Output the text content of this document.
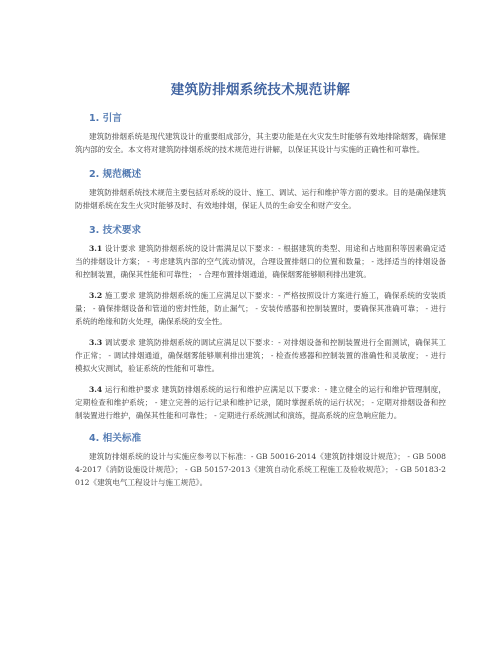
建筑防排烟系统技术规范讲解
1. 引言

建筑防排烟系统是现代建筑设计的重要组成部分，其主要功能是在火灾发生时能够有效地排除烟雾，确保建筑内部的安全。本文将对建筑防排烟系统的技术规范进行讲解，以保证其设计与实施的正确性和可靠性。

2. 规范概述

建筑防排烟系统技术规范主要包括对系统的设计、施工、调试、运行和维护等方面的要求。目的是确保建筑防排烟系统在发生火灾时能够及时、有效地排烟，保证人员的生命安全和财产安全。

3. 技术要求

3.1 设计要求 建筑防排烟系统的设计需满足以下要求：- 根据建筑的类型、用途和占地面积等因素确定适当的排烟设计方案； - 考虑建筑内部的空气流动情况，合理设置排烟口的位置和数量； - 选择适当的排烟设备和控制装置，确保其性能和可靠性； - 合理布置排烟通道，确保烟雾能够顺利排出建筑。

3.2 施工要求 建筑防排烟系统的施工应满足以下要求：- 严格按照设计方案进行施工，确保系统的安装质量； - 确保排烟设备和管道的密封性能，防止漏气； - 安装传感器和控制装置时，要确保其准确可靠； - 进行系统的绝缘和防火处理，确保系统的安全性。

3.3 调试要求 建筑防排烟系统的调试应满足以下要求：- 对排烟设备和控制装置进行全面测试，确保其工作正常； - 调试排烟通道，确保烟雾能够顺利排出建筑； - 检查传感器和控制装置的准确性和灵敏度； - 进行模拟火灾测试，验证系统的性能和可靠性。

3.4 运行和维护要求 建筑防排烟系统的运行和维护应满足以下要求：- 建立健全的运行和维护管理制度，定期检查和维护系统； - 建立完善的运行记录和维护记录，随时掌握系统的运行状况； - 定期对排烟设备和控制装置进行维护，确保其性能和可靠性； - 定期进行系统测试和演练，提高系统的应急响应能力。

4. 相关标准

建筑防排烟系统的设计与实施应参考以下标准：- GB 50016-2014《建筑防排烟设计规范》； - GB 50084-2017《消防设施设计规范》； - GB 50157-2013《建筑自动化系统工程施工及验收规范》； - GB 50183-2012《建筑电气工程设计与施工规范》。
